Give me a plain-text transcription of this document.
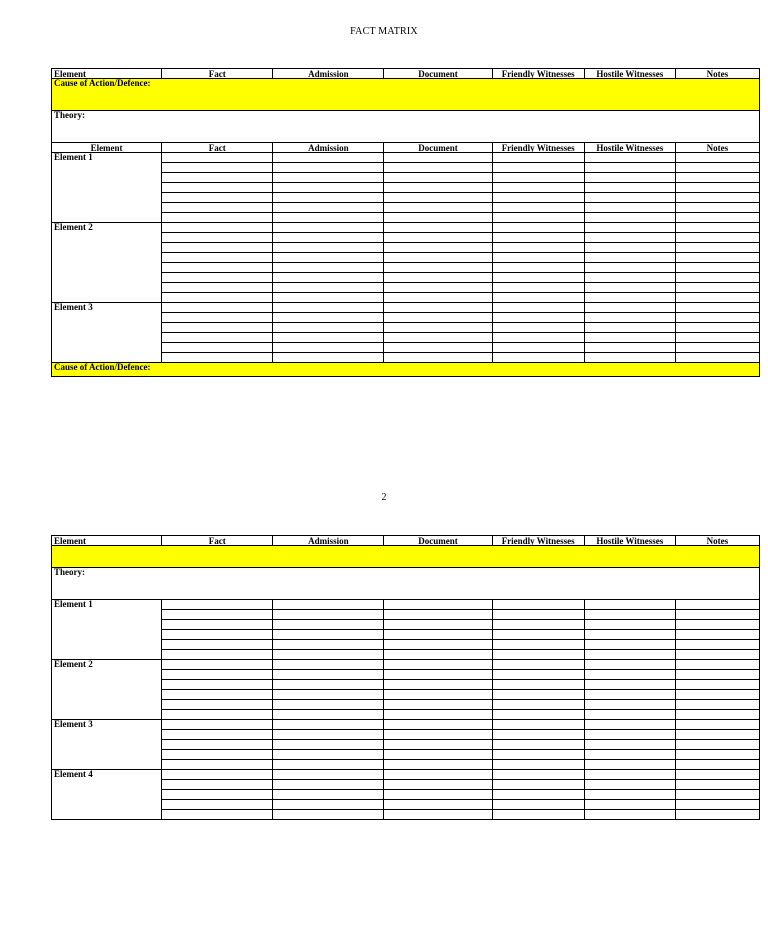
FACT MATRIX
Element	Fact	Admission	Document	Friendly Witnesses	Hostile Witnesses	Notes
Cause of Action/Defence:						
Theory:						
Element	Fact	Admission	Document	Friendly Witnesses	Hostile Witnesses	Notes
Element 1						

Element 2						

Element 3						

Cause of Action/Defence:						
2
Element	Fact	Admission	Document	Friendly Witnesses	Hostile Witnesses	Notes

Theory:						
Element 1						

Element 2						

Element 3						

Element 4						
